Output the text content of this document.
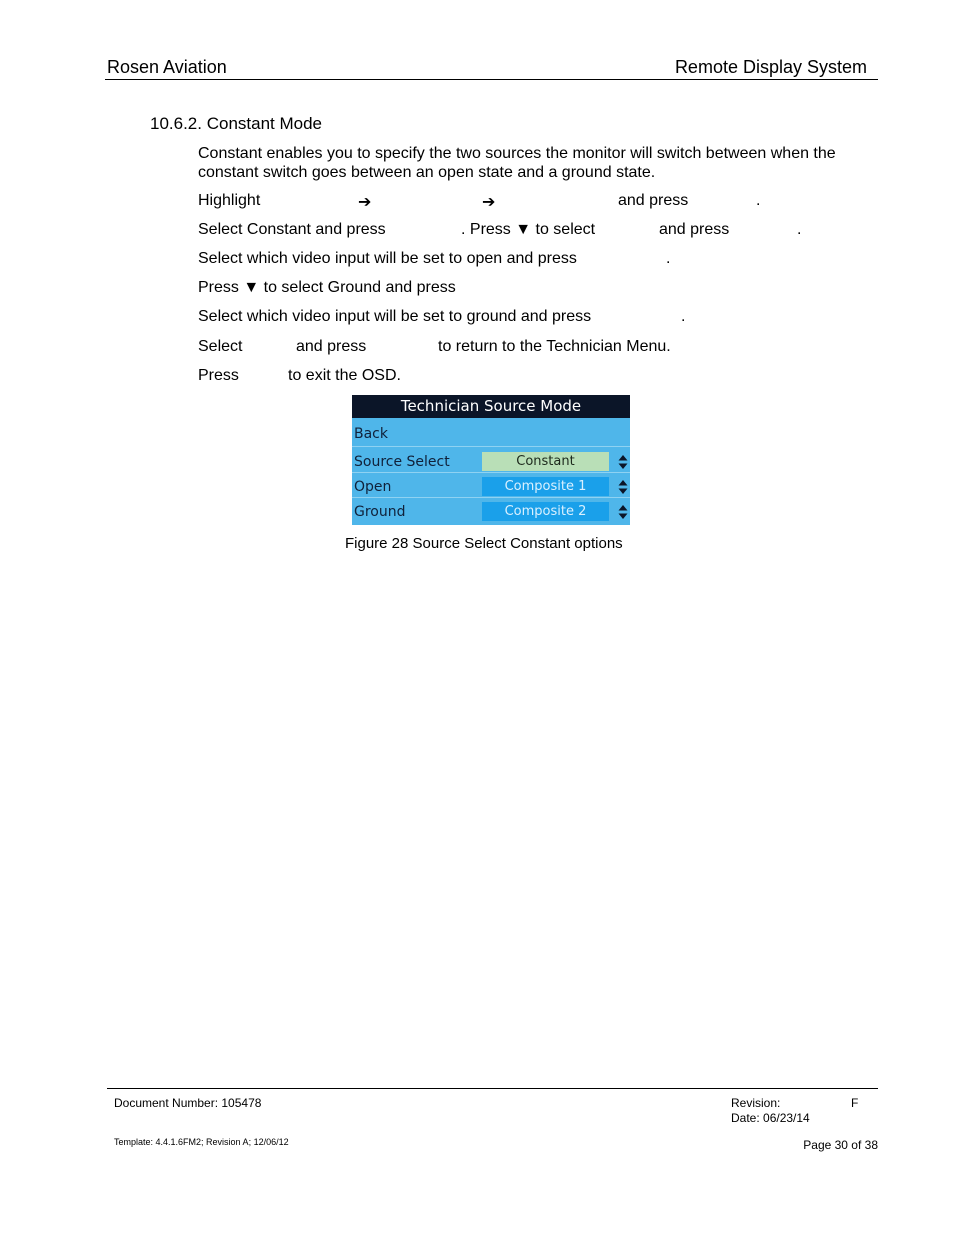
Rosen Aviation	Remote Display System
10.6.2. Constant Mode
Constant enables you to specify the two sources the monitor will switch between when the constant switch goes between an open state and a ground state.
Highlight	➔	➔	and press	.
Select Constant and press	. Press ▼ to select	and press	.
Select which video input will be set to open and press	.
Press ▼ to select Ground and press
Select which video input will be set to ground and press	.
Select	and press	to return to the Technician Menu.
Press	to exit the OSD.
Technician Source Mode
Back
Source Select	Constant
Open	Composite 1
Ground	Composite 2
Figure 28 Source Select Constant options
Document Number: 105478	Revision:	F
Date: 06/23/14
Template: 4.4.1.6FM2; Revision A; 12/06/12	Page 30 of 38
